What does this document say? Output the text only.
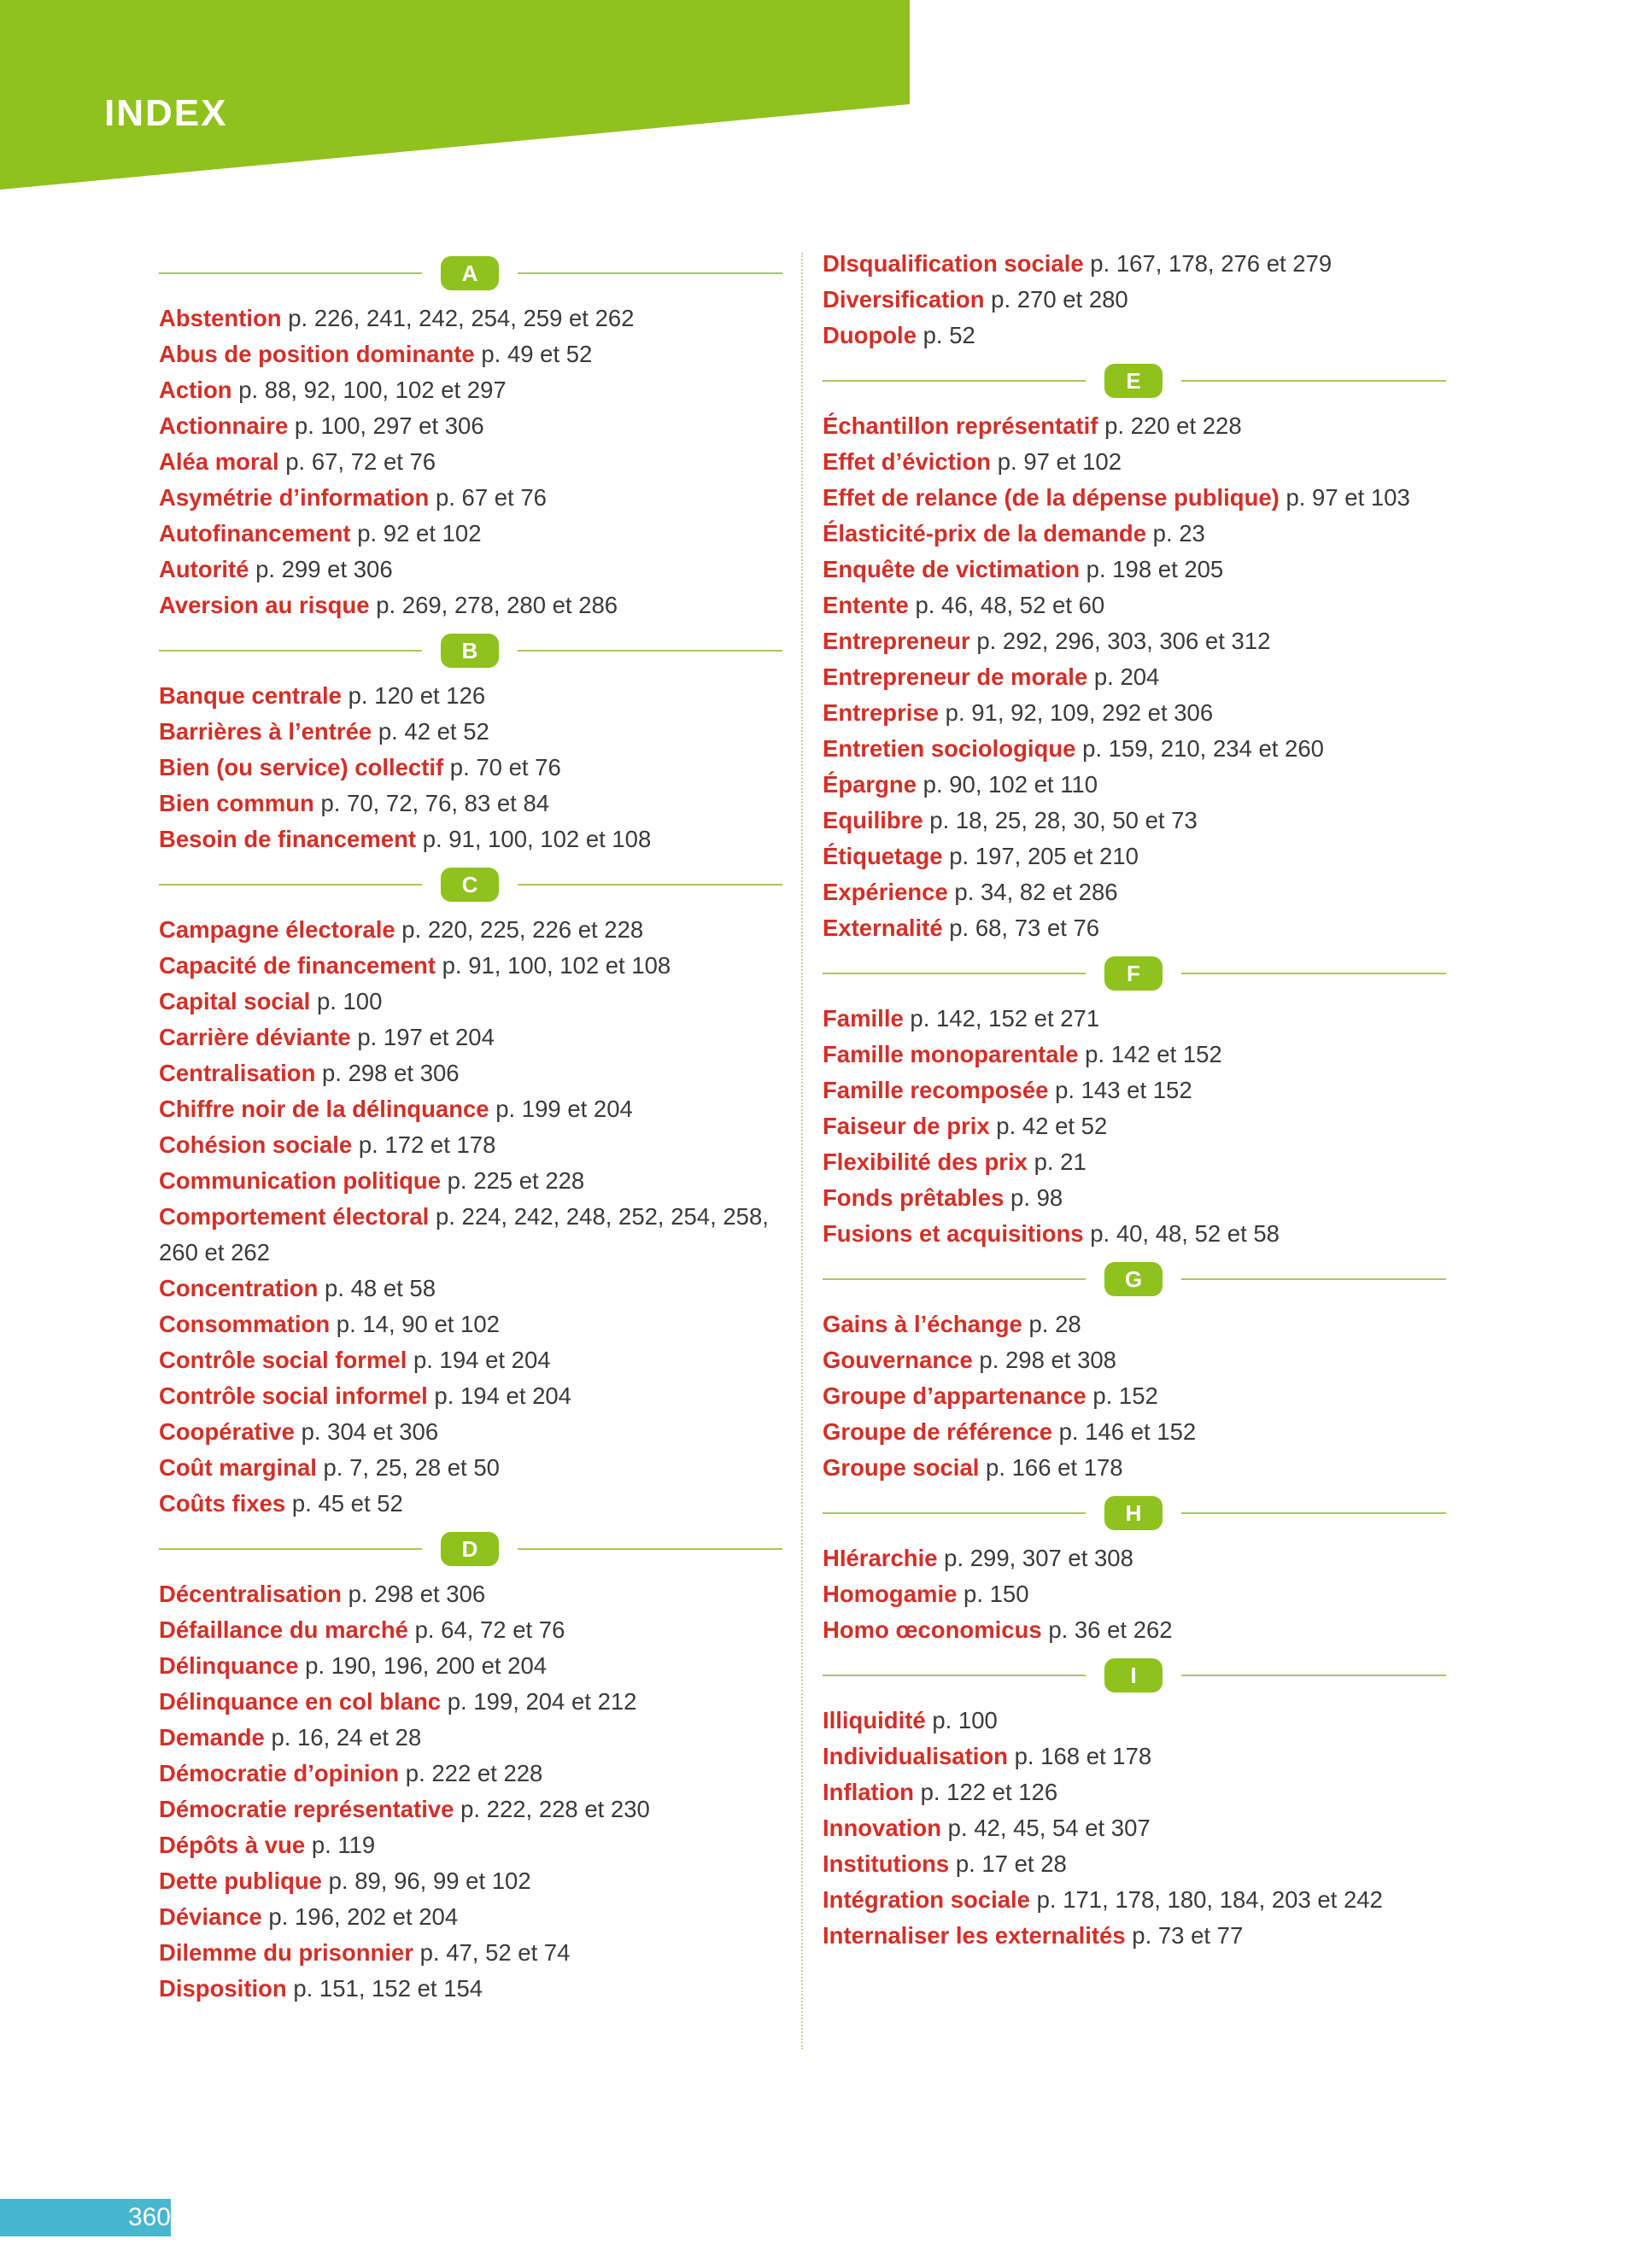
INDEX
A
Abstention p. 226, 241, 242, 254, 259 et 262
Abus de position dominante p. 49 et 52
Action p. 88, 92, 100, 102 et 297
Actionnaire p. 100, 297 et 306
Aléa moral p. 67, 72 et 76
Asymétrie d’information p. 67 et 76
Autofinancement p. 92 et 102
Autorité p. 299 et 306
Aversion au risque p. 269, 278, 280 et 286
B
Banque centrale p. 120 et 126
Barrières à l’entrée p. 42 et 52
Bien (ou service) collectif p. 70 et 76
Bien commun p. 70, 72, 76, 83 et 84
Besoin de financement p. 91, 100, 102 et 108
C
Campagne électorale p. 220, 225, 226 et 228
Capacité de financement p. 91, 100, 102 et 108
Capital social p. 100
Carrière déviante p. 197 et 204
Centralisation p. 298 et 306
Chiffre noir de la délinquance p. 199 et 204
Cohésion sociale p. 172 et 178
Communication politique p. 225 et 228
Comportement électoral p. 224, 242, 248, 252, 254, 258, 260 et 262
Concentration p. 48 et 58
Consommation p. 14, 90 et 102
Contrôle social formel p. 194 et 204
Contrôle social informel p. 194 et 204
Coopérative p. 304 et 306
Coût marginal p. 7, 25, 28 et 50
Coûts fixes p. 45 et 52
D
Décentralisation p. 298 et 306
Défaillance du marché p. 64, 72 et 76
Délinquance p. 190, 196, 200 et 204
Délinquance en col blanc p. 199, 204 et 212
Demande p. 16, 24 et 28
Démocratie d’opinion p. 222 et 228
Démocratie représentative p. 222, 228 et 230
Dépôts à vue p. 119
Dette publique p. 89, 96, 99 et 102
Déviance p. 196, 202 et 204
Dilemme du prisonnier p. 47, 52 et 74
Disposition p. 151, 152 et 154
DIsqualification sociale p. 167, 178, 276 et 279
Diversification p. 270 et 280
Duopole p. 52
E
Échantillon représentatif p. 220 et 228
Effet d’éviction p. 97 et 102
Effet de relance (de la dépense publique) p. 97 et 103
Élasticité-prix de la demande p. 23
Enquête de victimation p. 198 et 205
Entente p. 46, 48, 52 et 60
Entrepreneur p. 292, 296, 303, 306 et 312
Entrepreneur de morale p. 204
Entreprise p. 91, 92, 109, 292 et 306
Entretien sociologique p. 159, 210, 234 et 260
Épargne p. 90, 102 et 110
Equilibre p. 18, 25, 28, 30, 50 et 73
Étiquetage p. 197, 205 et 210
Expérience p. 34, 82 et 286
Externalité p. 68, 73 et 76
F
Famille p. 142, 152 et 271
Famille monoparentale p. 142 et 152
Famille recomposée p. 143 et 152
Faiseur de prix p. 42 et 52
Flexibilité des prix p. 21
Fonds prêtables p. 98
Fusions et acquisitions p. 40, 48, 52 et 58
G
Gains à l’échange p. 28
Gouvernance p. 298 et 308
Groupe d’appartenance p. 152
Groupe de référence p. 146 et 152
Groupe social p. 166 et 178
H
HIérarchie p. 299, 307 et 308
Homogamie p. 150
Homo œconomicus p. 36 et 262
I
Illiquidité p. 100
Individualisation p. 168 et 178
Inflation p. 122 et 126
Innovation p. 42, 45, 54 et 307
Institutions p. 17 et 28
Intégration sociale p. 171, 178, 180, 184, 203 et 242
Internaliser les externalités p. 73 et 77
360
